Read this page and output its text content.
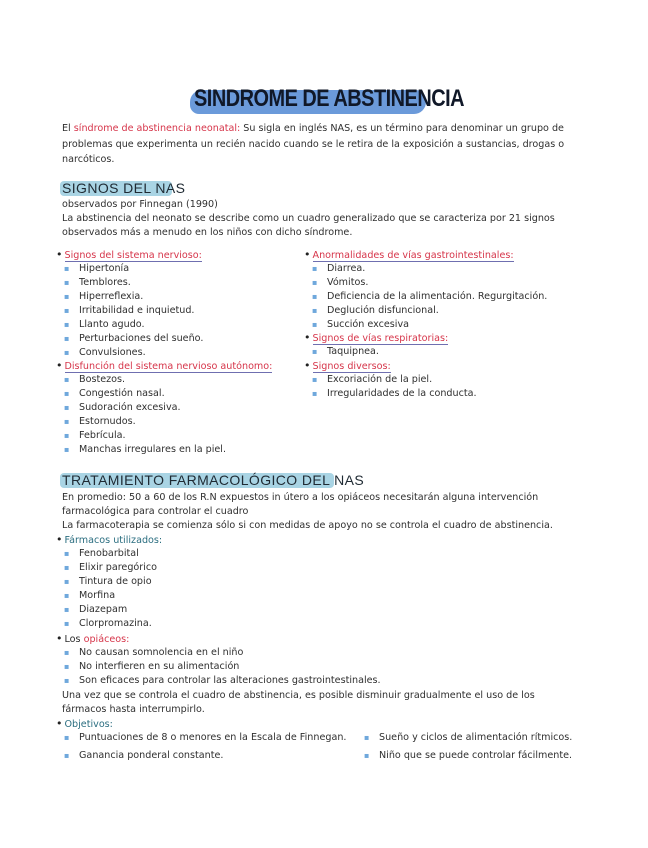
SINDROME DE ABSTINENCIA
El síndrome de abstinencia neonatal: Su sigla en inglés NAS, es un término para denominar un grupo de problemas que experimenta un recién nacido cuando se le retira de la exposición a sustancias, drogas o narcóticos.
SIGNOS DEL NAS
observados por Finnegan (1990)
La abstinencia del neonato se describe como un cuadro generalizado que se caracteriza por 21 signos
observados más a menudo en los niños con dicho síndrome.
• Signos del sistema nervioso:
▪ Hipertonía
▪ Temblores.
▪ Hiperreflexia.
▪ Irritabilidad e inquietud.
▪ Llanto agudo.
▪ Perturbaciones del sueño.
▪ Convulsiones.
• Disfunción del sistema nervioso autónomo:
▪ Bostezos.
▪ Congestión nasal.
▪ Sudoración excesiva.
▪ Estornudos.
▪ Febrícula.
▪ Manchas irregulares en la piel.
• Anormalidades de vías gastrointestinales:
▪ Diarrea.
▪ Vómitos.
▪ Deficiencia de la alimentación. Regurgitación.
▪ Deglución disfuncional.
▪ Succión excesiva
• Signos de vías respiratorias:
▪ Taquipnea.
• Signos diversos:
▪ Excoriación de la piel.
▪ Irregularidades de la conducta.
TRATAMIENTO FARMACOLÓGICO DEL NAS
En promedio: 50 a 60 de los R.N expuestos in útero a los opiáceos necesitarán alguna intervención
farmacológica para controlar el cuadro
La farmacoterapia se comienza sólo si con medidas de apoyo no se controla el cuadro de abstinencia.
• Fármacos utilizados:
▪ Fenobarbital
▪ Elixir paregórico
▪ Tintura de opio
▪ Morfina
▪ Diazepam
▪ Clorpromazina.
• Los opiáceos:
▪ No causan somnolencia en el niño
▪ No interfieren en su alimentación
▪ Son eficaces para controlar las alteraciones gastrointestinales.
Una vez que se controla el cuadro de abstinencia, es posible disminuir gradualmente el uso de los
fármacos hasta interrumpirlo.
• Objetivos:
▪ Puntuaciones de 8 o menores en la Escala de Finnegan.
▪ Ganancia ponderal constante.
▪ Sueño y ciclos de alimentación rítmicos.
▪ Niño que se puede controlar fácilmente.
